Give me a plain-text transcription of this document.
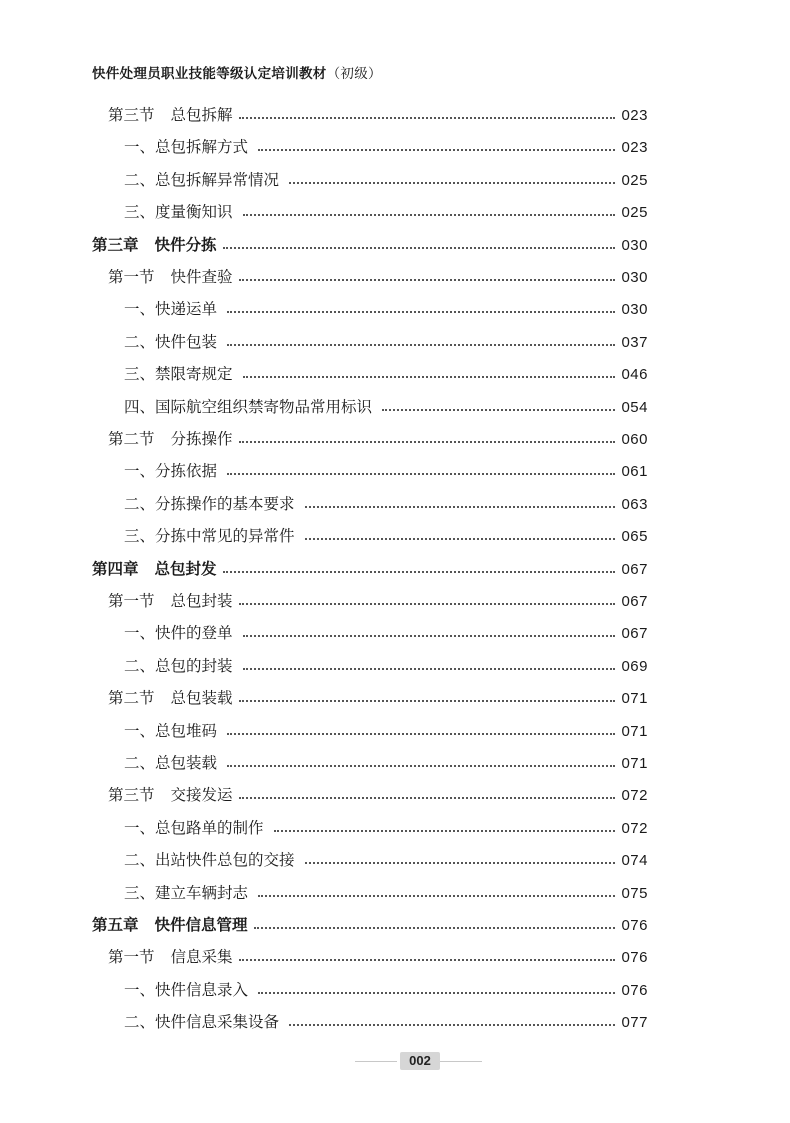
快件处理员职业技能等级认定培训教材（初级）
第三节 总包拆解	023
一、 总包拆解方式	023
二、 总包拆解异常情况	025
三、 度量衡知识	025
第三章 快件分拣	030
第一节 快件查验	030
一、 快递运单	030
二、 快件包装	037
三、 禁限寄规定	046
四、 国际航空组织禁寄物品常用标识	054
第二节 分拣操作	060
一、 分拣依据	061
二、 分拣操作的基本要求	063
三、 分拣中常见的异常件	065
第四章 总包封发	067
第一节 总包封装	067
一、 快件的登单	067
二、 总包的封装	069
第二节 总包装载	071
一、 总包堆码	071
二、 总包装载	071
第三节 交接发运	072
一、 总包路单的制作	072
二、 出站快件总包的交接	074
三、 建立车辆封志	075
第五章 快件信息管理	076
第一节 信息采集	076
一、 快件信息录入	076
二、 快件信息采集设备	077
002
